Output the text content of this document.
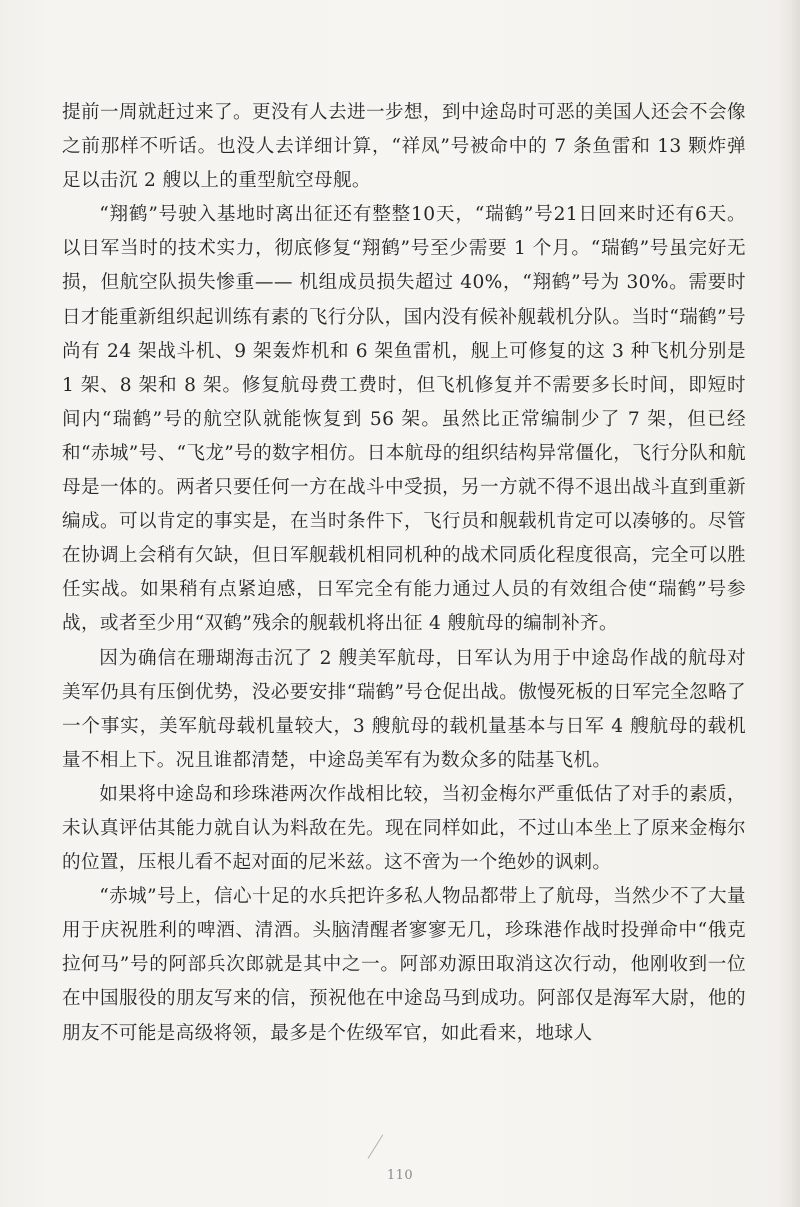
提前一周就赶过来了。更没有人去进一步想，到中途岛时可恶的美国人还会不会像之前那样不听话。也没人去详细计算，“祥凤”号被命中的 7 条鱼雷和 13 颗炸弹足以击沉 2 艘以上的重型航空母舰。

“翔鹤”号驶入基地时离出征还有整整10天，“瑞鹤”号21日回来时还有6天。以日军当时的技术实力，彻底修复“翔鹤”号至少需要 1 个月。“瑞鹤”号虽完好无损，但航空队损失惨重—— 机组成员损失超过 40%，“翔鹤”号为 30%。需要时日才能重新组织起训练有素的飞行分队，国内没有候补舰载机分队。当时“瑞鹤”号尚有 24 架战斗机、9 架轰炸机和 6 架鱼雷机，舰上可修复的这 3 种飞机分别是 1 架、8 架和 8 架。修复航母费工费时，但飞机修复并不需要多长时间，即短时间内“瑞鹤”号的航空队就能恢复到 56 架。虽然比正常编制少了 7 架，但已经和“赤城”号、“飞龙”号的数字相仿。日本航母的组织结构异常僵化，飞行分队和航母是一体的。两者只要任何一方在战斗中受损，另一方就不得不退出战斗直到重新编成。可以肯定的事实是，在当时条件下，飞行员和舰载机肯定可以凑够的。尽管在协调上会稍有欠缺，但日军舰载机相同机种的战术同质化程度很高，完全可以胜任实战。如果稍有点紧迫感，日军完全有能力通过人员的有效组合使“瑞鹤”号参战，或者至少用“双鹤”残余的舰载机将出征 4 艘航母的编制补齐。

因为确信在珊瑚海击沉了 2 艘美军航母，日军认为用于中途岛作战的航母对美军仍具有压倒优势，没必要安排“瑞鹤”号仓促出战。傲慢死板的日军完全忽略了一个事实，美军航母载机量较大，3 艘航母的载机量基本与日军 4 艘航母的载机量不相上下。况且谁都清楚，中途岛美军有为数众多的陆基飞机。

如果将中途岛和珍珠港两次作战相比较，当初金梅尔严重低估了对手的素质，未认真评估其能力就自认为料敌在先。现在同样如此，不过山本坐上了原来金梅尔的位置，压根儿看不起对面的尼米兹。这不啻为一个绝妙的讽刺。

“赤城”号上，信心十足的水兵把许多私人物品都带上了航母，当然少不了大量用于庆祝胜利的啤酒、清酒。头脑清醒者寥寥无几，珍珠港作战时投弹命中“俄克拉何马”号的阿部兵次郎就是其中之一。阿部劝源田取消这次行动，他刚收到一位在中国服役的朋友写来的信，预祝他在中途岛马到成功。阿部仅是海军大尉，他的朋友不可能是高级将领，最多是个佐级军官，如此看来，地球人

110
